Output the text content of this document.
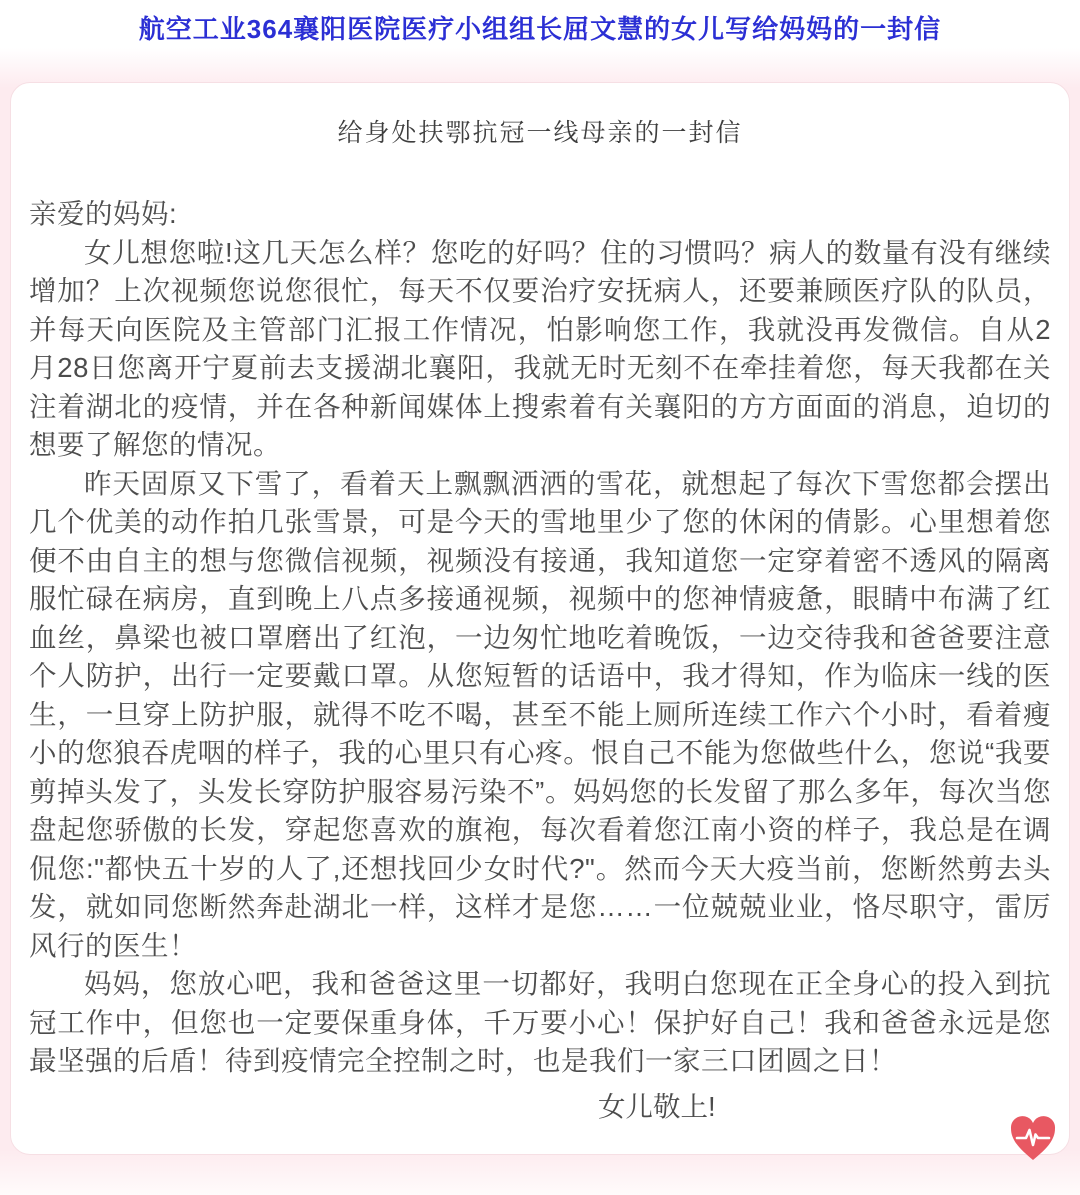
航空工业364襄阳医院医疗小组组长屈文慧的女儿写给妈妈的一封信
给身处扶鄂抗冠一线母亲的一封信

亲爱的妈妈:

女儿想您啦!这几天怎么样？您吃的好吗？住的习惯吗？病人的数量有没有继续增加？上次视频您说您很忙，每天不仅要治疗安抚病人，还要兼顾医疗队的队员，并每天向医院及主管部门汇报工作情况，怕影响您工作，我就没再发微信。自从2月28日您离开宁夏前去支援湖北襄阳，我就无时无刻不在牵挂着您，每天我都在关注着湖北的疫情，并在各种新闻媒体上搜索着有关襄阳的方方面面的消息，迫切的想要了解您的情况。

昨天固原又下雪了，看着天上飘飘洒洒的雪花，就想起了每次下雪您都会摆出几个优美的动作拍几张雪景，可是今天的雪地里少了您的休闲的倩影。心里想着您便不由自主的想与您微信视频，视频没有接通，我知道您一定穿着密不透风的隔离服忙碌在病房，直到晚上八点多接通视频，视频中的您神情疲惫，眼睛中布满了红血丝，鼻梁也被口罩磨出了红泡，一边匆忙地吃着晚饭，一边交待我和爸爸要注意个人防护，出行一定要戴口罩。从您短暂的话语中，我才得知，作为临床一线的医生，一旦穿上防护服，就得不吃不喝，甚至不能上厕所连续工作六个小时，看着瘦小的您狼吞虎咽的样子，我的心里只有心疼。恨自己不能为您做些什么，您说“我要剪掉头发了，头发长穿防护服容易污染不”。妈妈您的长发留了那么多年，每次当您盘起您骄傲的长发，穿起您喜欢的旗袍，每次看着您江南小资的样子，我总是在调侃您:"都快五十岁的人了,还想找回少女时代?"。然而今天大疫当前，您断然剪去头发，就如同您断然奔赴湖北一样，这样才是您……一位兢兢业业，恪尽职守，雷厉风行的医生！

妈妈，您放心吧，我和爸爸这里一切都好，我明白您现在正全身心的投入到抗冠工作中，但您也一定要保重身体，千万要小心！保护好自己！我和爸爸永远是您最坚强的后盾！待到疫情完全控制之时，也是我们一家三口团圆之日！

女儿敬上!
